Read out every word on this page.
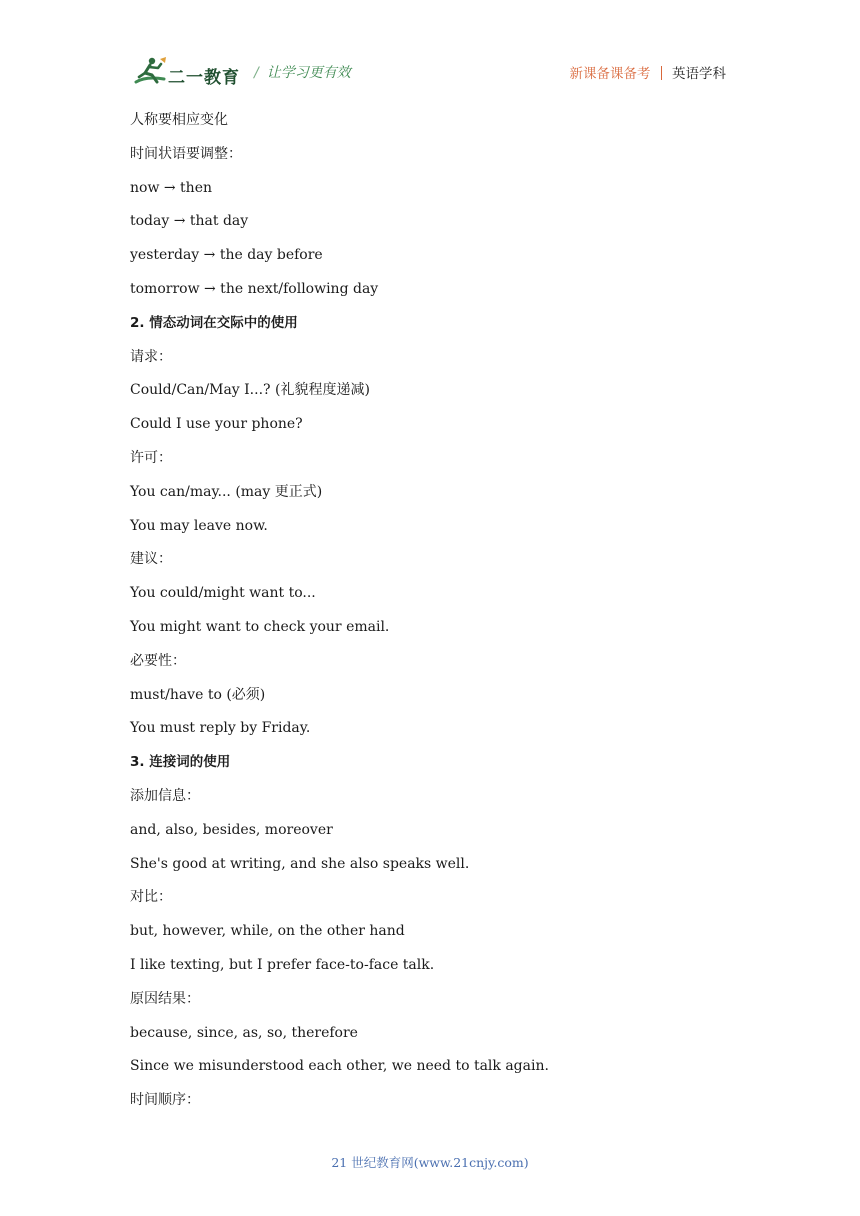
二一教育 / 让学习更有效	新课备课备考 英语学科
人称要相应变化
时间状语要调整：
now → then
today → that day
yesterday → the day before
tomorrow → the next/following day
2. 情态动词在交际中的使用
请求：
Could/Can/May I...? (礼貌程度递减)
Could I use your phone?
许可：
You can/may... (may 更正式)
You may leave now.
建议：
You could/might want to...
You might want to check your email.
必要性：
must/have to (必须)
You must reply by Friday.
3. 连接词的使用
添加信息：
and, also, besides, moreover
She's good at writing, and she also speaks well.
对比：
but, however, while, on the other hand
I like texting, but I prefer face-to-face talk.
原因结果：
because, since, as, so, therefore
Since we misunderstood each other, we need to talk again.
时间顺序：
21 世纪教育网(www.21cnjy.com)
